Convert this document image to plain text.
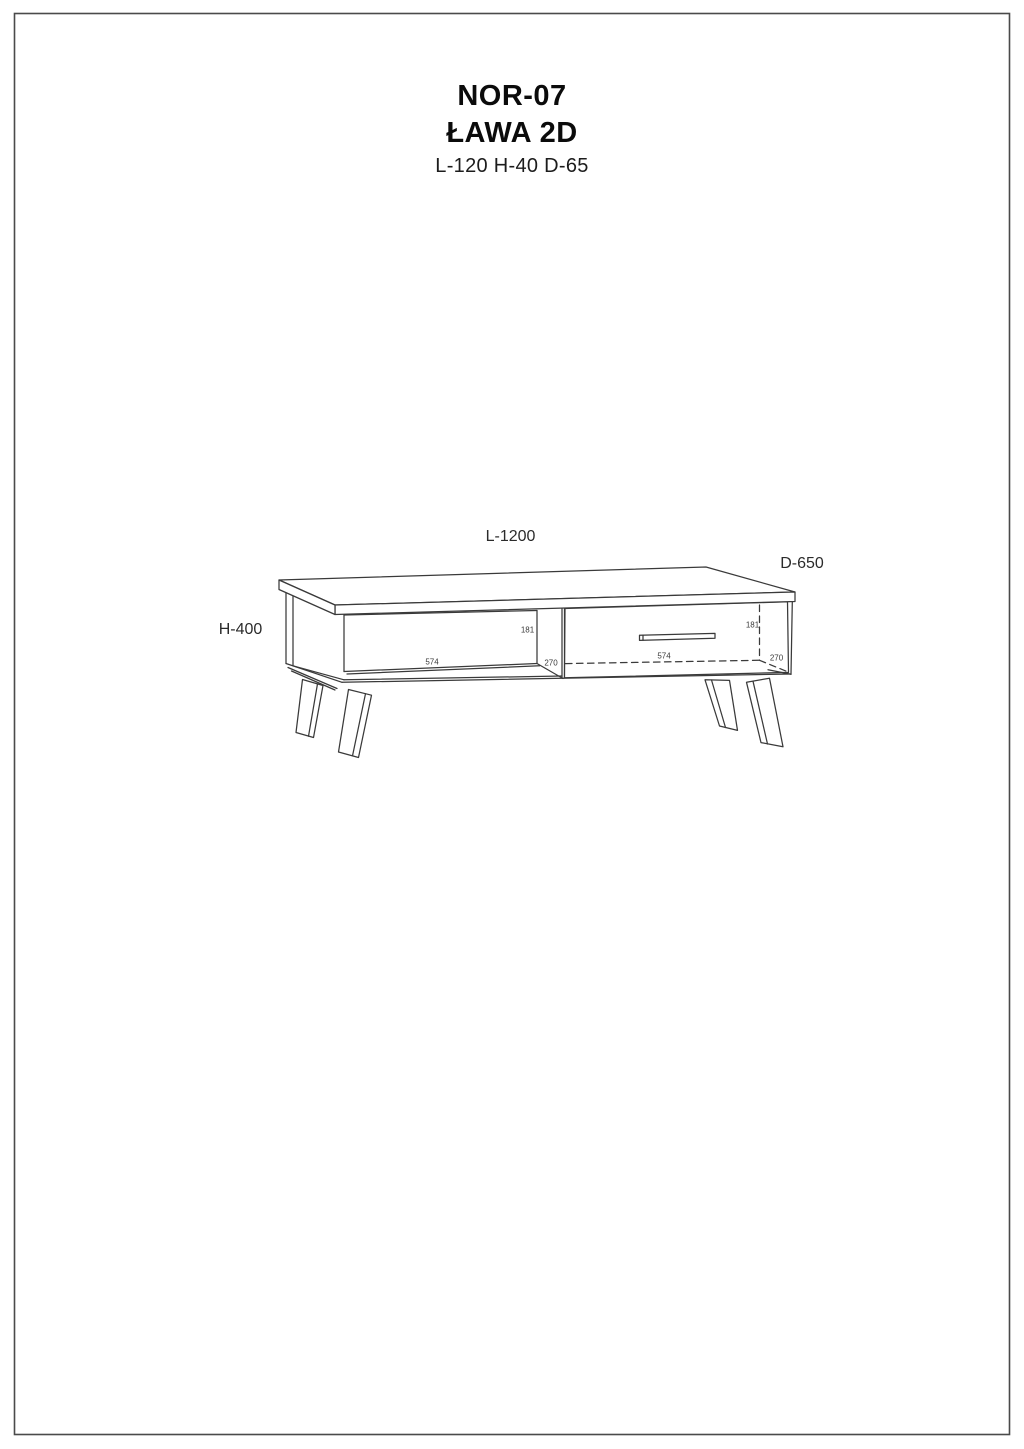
NOR-07
ŁAWA 2D
L-120 H-40 D-65
L-1200
D-650
H-400
574
181
270
574
181
270
